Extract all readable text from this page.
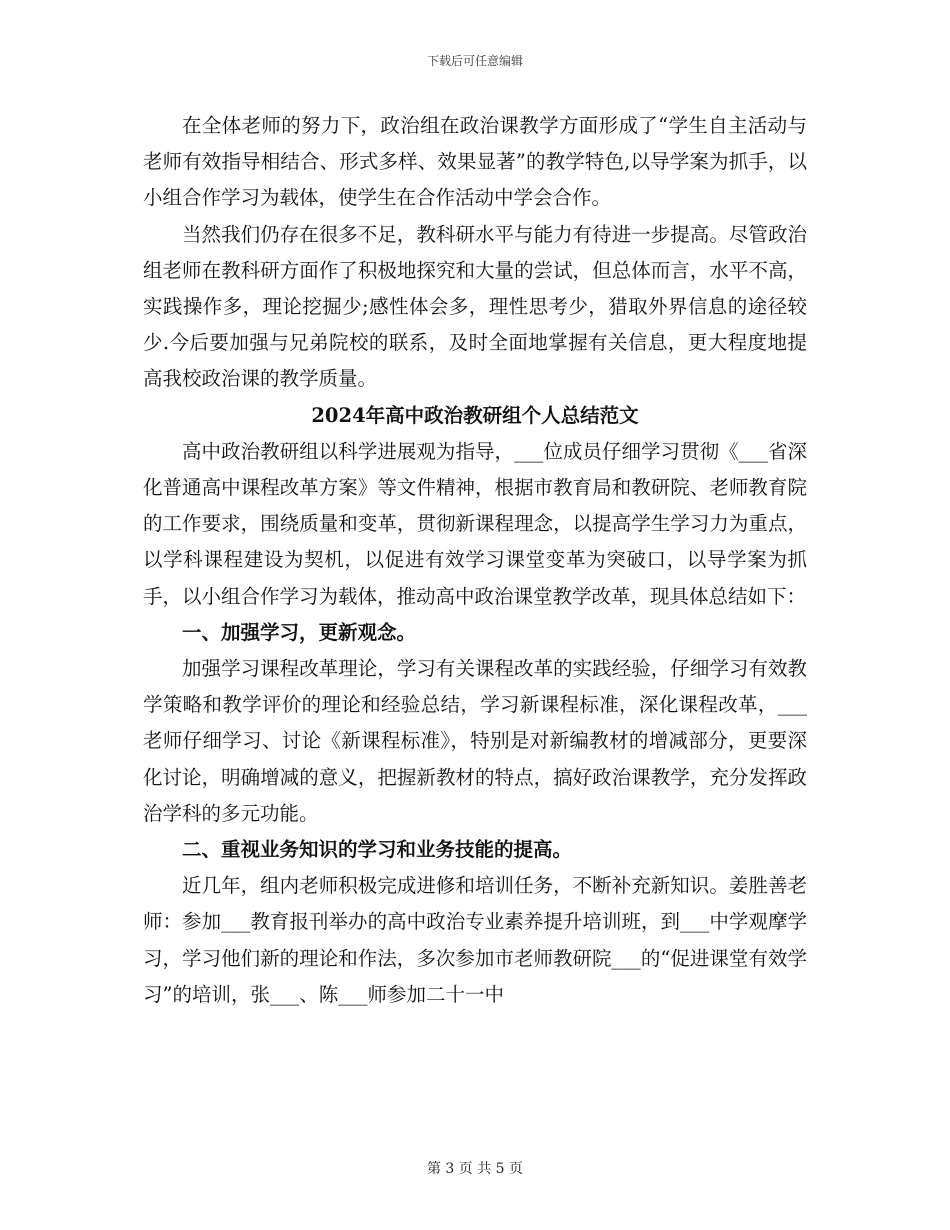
下载后可任意编辑

在全体老师的努力下，政治组在政治课教学方面形成了“学生自主活动与老师有效指导相结合、形式多样、效果显著”的教学特色,以导学案为抓手，以小组合作学习为载体，使学生在合作活动中学会合作。

当然我们仍存在很多不足，教科研水平与能力有待进一步提高。尽管政治组老师在教科研方面作了积极地探究和大量的尝试，但总体而言，水平不高，实践操作多，理论挖掘少;感性体会多，理性思考少，猎取外界信息的途径较少.今后要加强与兄弟院校的联系，及时全面地掌握有关信息，更大程度地提高我校政治课的教学质量。

2024年高中政治教研组个人总结范文

高中政治教研组以科学进展观为指导，___位成员仔细学习贯彻《___省深化普通高中课程改革方案》等文件精神，根据市教育局和教研院、老师教育院的工作要求，围绕质量和变革，贯彻新课程理念，以提高学生学习力为重点，以学科课程建设为契机，以促进有效学习课堂变革为突破口，以导学案为抓手，以小组合作学习为载体，推动高中政治课堂教学改革，现具体总结如下：

一、加强学习，更新观念。

加强学习课程改革理论，学习有关课程改革的实践经验，仔细学习有效教学策略和教学评价的理论和经验总结，学习新课程标准，深化课程改革，___老师仔细学习、讨论《新课程标准》，特别是对新编教材的增减部分，更要深化讨论，明确增减的意义，把握新教材的特点，搞好政治课教学，充分发挥政治学科的多元功能。

二、重视业务知识的学习和业务技能的提高。

近几年，组内老师积极完成进修和培训任务，不断补充新知识。姜胜善老师：参加___教育报刊举办的高中政治专业素养提升培训班，到___中学观摩学习，学习他们新的理论和作法，多次参加市老师教研院___的“促进课堂有效学习”的培训，张___、陈___师参加二十一中

第 3 页 共 5 页
